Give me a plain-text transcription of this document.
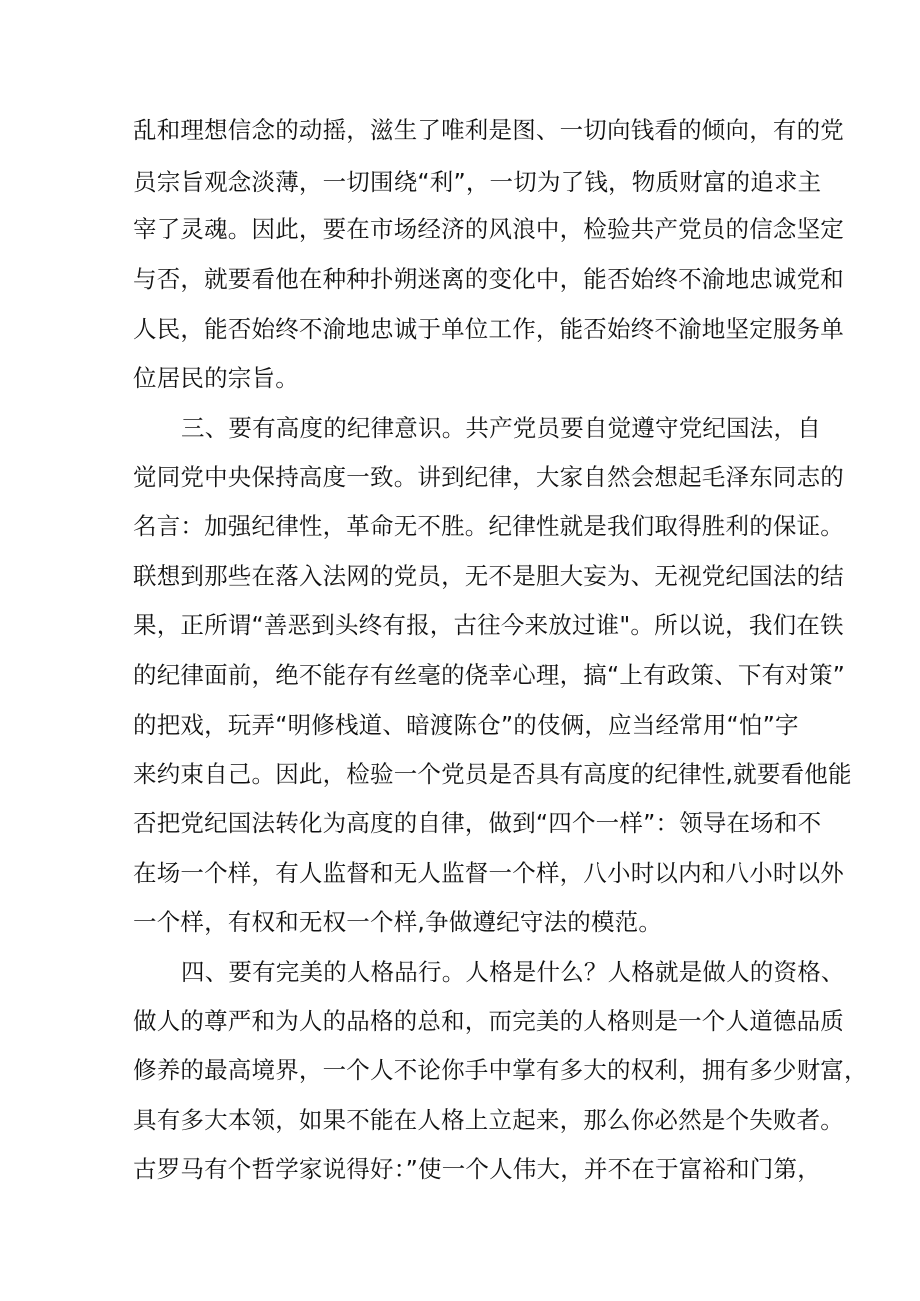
乱和理想信念的动摇，滋生了唯利是图、一切向钱看的倾向，有的党
员宗旨观念淡薄，一切围绕“利”，一切为了钱，物质财富的追求主
宰了灵魂。因此，要在市场经济的风浪中，检验共产党员的信念坚定
与否，就要看他在种种扑朔迷离的变化中，能否始终不渝地忠诚党和
人民，能否始终不渝地忠诚于单位工作，能否始终不渝地坚定服务单
位居民的宗旨。
三、要有高度的纪律意识。共产党员要自觉遵守党纪国法，自
觉同党中央保持高度一致。讲到纪律，大家自然会想起毛泽东同志的
名言：加强纪律性，革命无不胜。纪律性就是我们取得胜利的保证。
联想到那些在落入法网的党员，无不是胆大妄为、无视党纪国法的结
果，正所谓“善恶到头终有报，古往今来放过谁"。所以说，我们在铁
的纪律面前，绝不能存有丝毫的侥幸心理，搞“上有政策、下有对策”
的把戏，玩弄“明修栈道、暗渡陈仓”的伎俩，应当经常用“怕”字
来约束自己。因此，检验一个党员是否具有高度的纪律性,就要看他能
否把党纪国法转化为高度的自律，做到“四个一样”：领导在场和不
在场一个样，有人监督和无人监督一个样，八小时以内和八小时以外
一个样，有权和无权一个样,争做遵纪守法的模范。
四、要有完美的人格品行。人格是什么？人格就是做人的资格、
做人的尊严和为人的品格的总和，而完美的人格则是一个人道德品质
修养的最高境界，一个人不论你手中掌有多大的权利，拥有多少财富，
具有多大本领，如果不能在人格上立起来，那么你必然是个失败者。
古罗马有个哲学家说得好：”使一个人伟大，并不在于富裕和门第，
